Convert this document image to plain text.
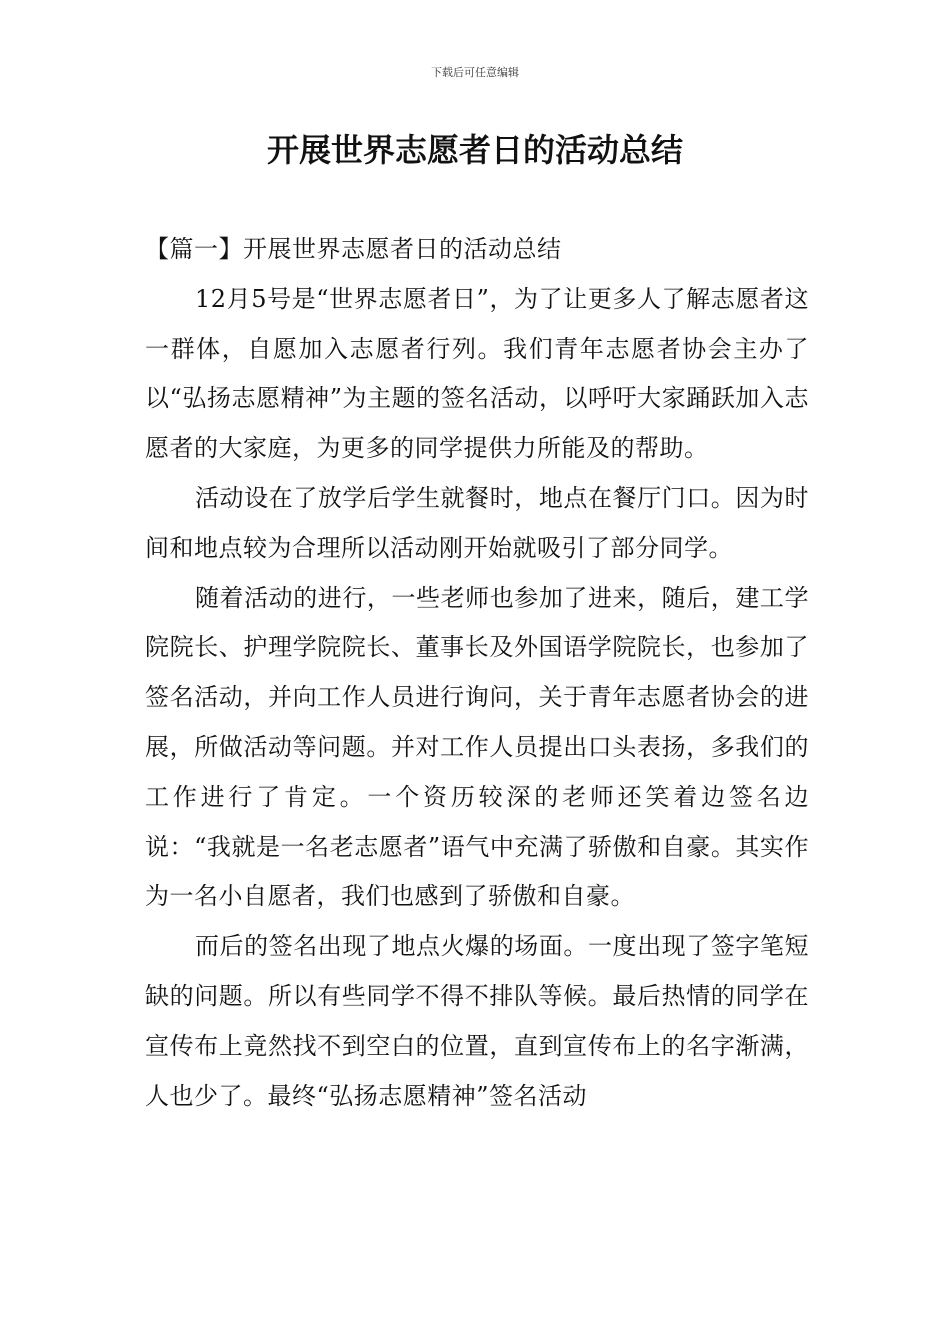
下载后可任意编辑
开展世界志愿者日的活动总结

【篇一】开展世界志愿者日的活动总结

12月5号是“世界志愿者日”，为了让更多人了解志愿者这一群体，自愿加入志愿者行列。我们青年志愿者协会主办了以“弘扬志愿精神”为主题的签名活动，以呼吁大家踊跃加入志愿者的大家庭，为更多的同学提供力所能及的帮助。

活动设在了放学后学生就餐时，地点在餐厅门口。因为时间和地点较为合理所以活动刚开始就吸引了部分同学。

随着活动的进行，一些老师也参加了进来，随后，建工学院院长、护理学院院长、董事长及外国语学院院长，也参加了签名活动，并向工作人员进行询问，关于青年志愿者协会的进展，所做活动等问题。并对工作人员提出口头表扬，多我们的工作进行了肯定。一个资历较深的老师还笑着边签名边说：“我就是一名老志愿者”语气中充满了骄傲和自豪。其实作为一名小自愿者，我们也感到了骄傲和自豪。

而后的签名出现了地点火爆的场面。一度出现了签字笔短缺的问题。所以有些同学不得不排队等候。最后热情的同学在宣传布上竟然找不到空白的位置，直到宣传布上的名字渐满，人也少了。最终“弘扬志愿精神”签名活动
